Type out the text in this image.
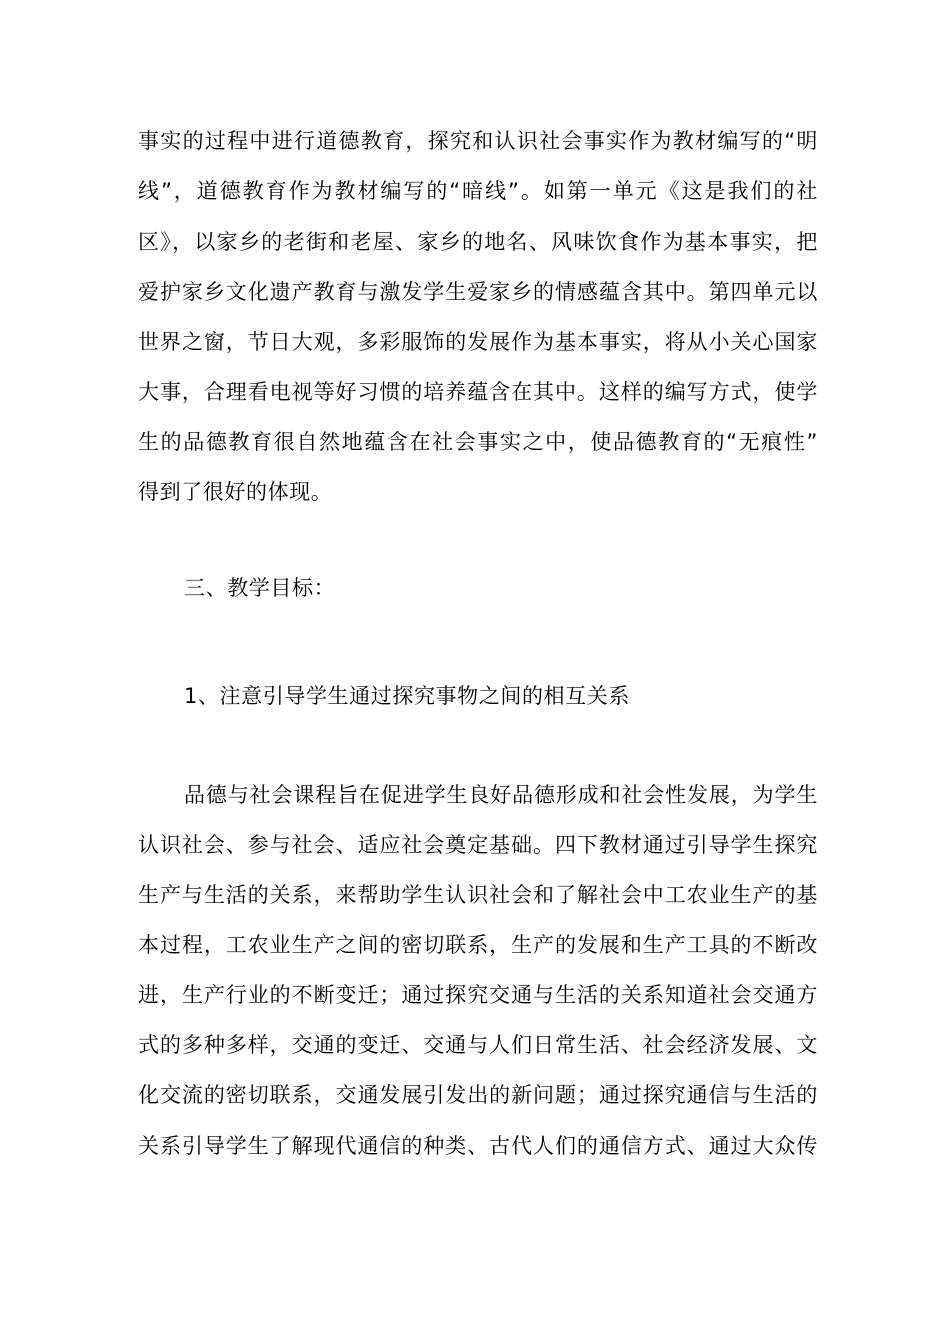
事实的过程中进行道德教育，探究和认识社会事实作为教材编写的“明
线”，道德教育作为教材编写的“暗线”。如第一单元《这是我们的社
区》，以家乡的老街和老屋、家乡的地名、风味饮食作为基本事实，把
爱护家乡文化遗产教育与激发学生爱家乡的情感蕴含其中。第四单元以
世界之窗，节日大观，多彩服饰的发展作为基本事实，将从小关心国家
大事，合理看电视等好习惯的培养蕴含在其中。这样的编写方式，使学
生的品德教育很自然地蕴含在社会事实之中，使品德教育的“无痕性”
得到了很好的体现。
三、教学目标：
1、注意引导学生通过探究事物之间的相互关系
品德与社会课程旨在促进学生良好品德形成和社会性发展，为学生
认识社会、参与社会、适应社会奠定基础。四下教材通过引导学生探究
生产与生活的关系，来帮助学生认识社会和了解社会中工农业生产的基
本过程，工农业生产之间的密切联系，生产的发展和生产工具的不断改
进，生产行业的不断变迁；通过探究交通与生活的关系知道社会交通方
式的多种多样，交通的变迁、交通与人们日常生活、社会经济发展、文
化交流的密切联系，交通发展引发出的新问题；通过探究通信与生活的
关系引导学生了解现代通信的种类、古代人们的通信方式、通过大众传
